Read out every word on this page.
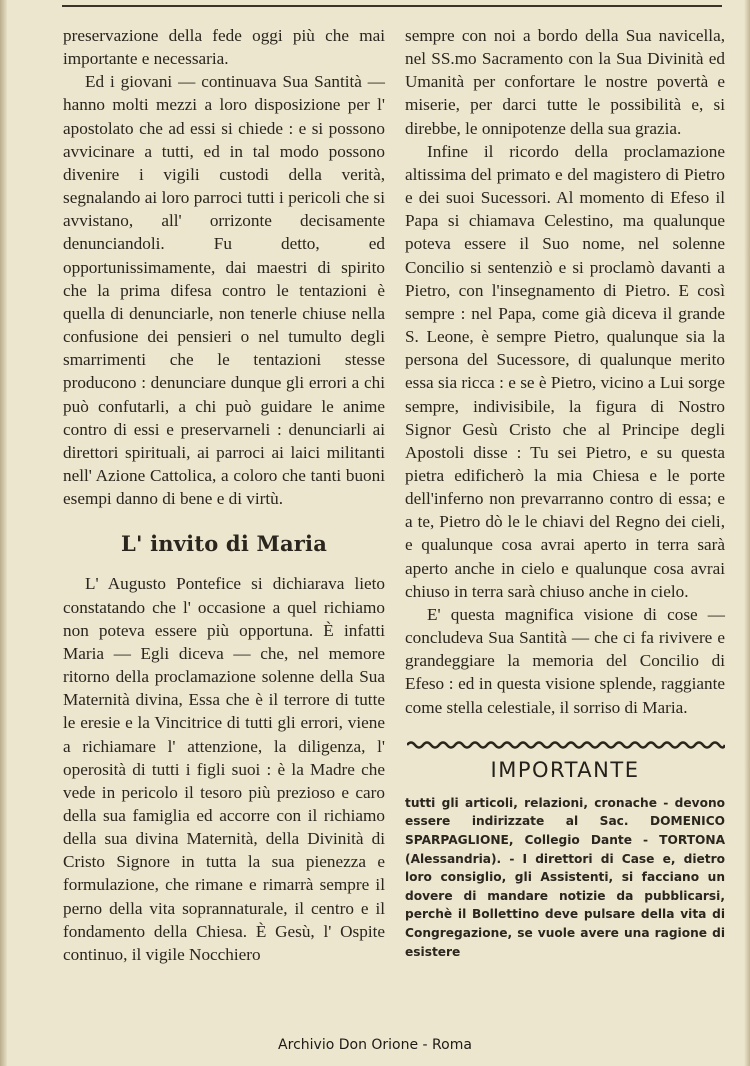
preservazione della fede oggi più che mai importante e necessaria.

Ed i giovani — continuava Sua Santità — hanno molti mezzi a loro disposizione per l' apostolato che ad essi si chiede : e si possono avvicinare a tutti, ed in tal modo possono divenire i vigili custodi della verità, segnalando ai loro parroci tutti i pericoli che si avvistano, all' orrizonte decisamente denunciandoli. Fu detto, ed opportunissimamente, dai maestri di spirito che la prima difesa contro le tentazioni è quella di denunciarle, non tenerle chiuse nella confusione dei pensieri o nel tumulto degli smarrimenti che le tentazioni stesse producono : denunciare dunque gli errori a chi può confutarli, a chi può guidare le anime contro di essi e preservarneli : denunciarli ai direttori spirituali, ai parroci ai laici militanti nell' Azione Cattolica, a coloro che tanti buoni esempi danno di bene e di virtù.

L' invito di Maria

L' Augusto Pontefice si dichiarava lieto constatando che l' occasione a quel richiamo non poteva essere più opportuna. È infatti Maria — Egli diceva — che, nel memore ritorno della proclamazione solenne della Sua Maternità divina, Essa che è il terrore di tutte le eresie e la Vincitrice di tutti gli errori, viene a richiamare l' attenzione, la diligenza, l' operosità di tutti i figli suoi : è la Madre che vede in pericolo il tesoro più prezioso e caro della sua famiglia ed accorre con il richiamo della sua divina Maternità, della Divinità di Cristo Signore in tutta la sua pienezza e formulazione, che rimane e rimarrà sempre il perno della vita soprannaturale, il centro e il fondamento della Chiesa. È Gesù, l' Ospite continuo, il vigile Nocchiero

sempre con noi a bordo della Sua navicella, nel SS.mo Sacramento con la Sua Divinità ed Umanità per confortare le nostre povertà e miserie, per darci tutte le possibilità e, si direbbe, le onnipotenze della sua grazia.

Infine il ricordo della proclamazione altissima del primato e del magistero di Pietro e dei suoi Sucessori. Al momento di Efeso il Papa si chiamava Celestino, ma qualunque poteva essere il Suo nome, nel solenne Concilio si sentenziò e si proclamò davanti a Pietro, con l'insegnamento di Pietro. E così sempre : nel Papa, come già diceva il grande S. Leone, è sempre Pietro, qualunque sia la persona del Sucessore, di qualunque merito essa sia ricca : e se è Pietro, vicino a Lui sorge sempre, indivisibile, la figura di Nostro Signor Gesù Cristo che al Principe degli Apostoli disse : Tu sei Pietro, e su questa pietra edificherò la mia Chiesa e le porte dell'inferno non prevarranno contro di essa; e a te, Pietro dò le le chiavi del Regno dei cieli, e qualunque cosa avrai aperto in terra sarà aperto anche in cielo e qualunque cosa avrai chiuso in terra sarà chiuso anche in cielo.

E' questa magnifica visione di cose — concludeva Sua Santità — che ci fa rivivere e grandeggiare la memoria del Concilio di Efeso : ed in questa visione splende, raggiante come stella celestiale, il sorriso di Maria.

IMPORTANTE

tutti gli articoli, relazioni, cronache - devono essere indirizzate al Sac. DOMENICO SPARPAGLIONE, Collegio Dante - TORTONA (Alessandria). - I direttori di Case e, dietro loro consiglio, gli Assistenti, si facciano un dovere di mandare notizie da pubblicarsi, perchè il Bollettino deve pulsare della vita di Congregazione, se vuole avere una ragione di esistere

Archivio Don Orione - Roma
